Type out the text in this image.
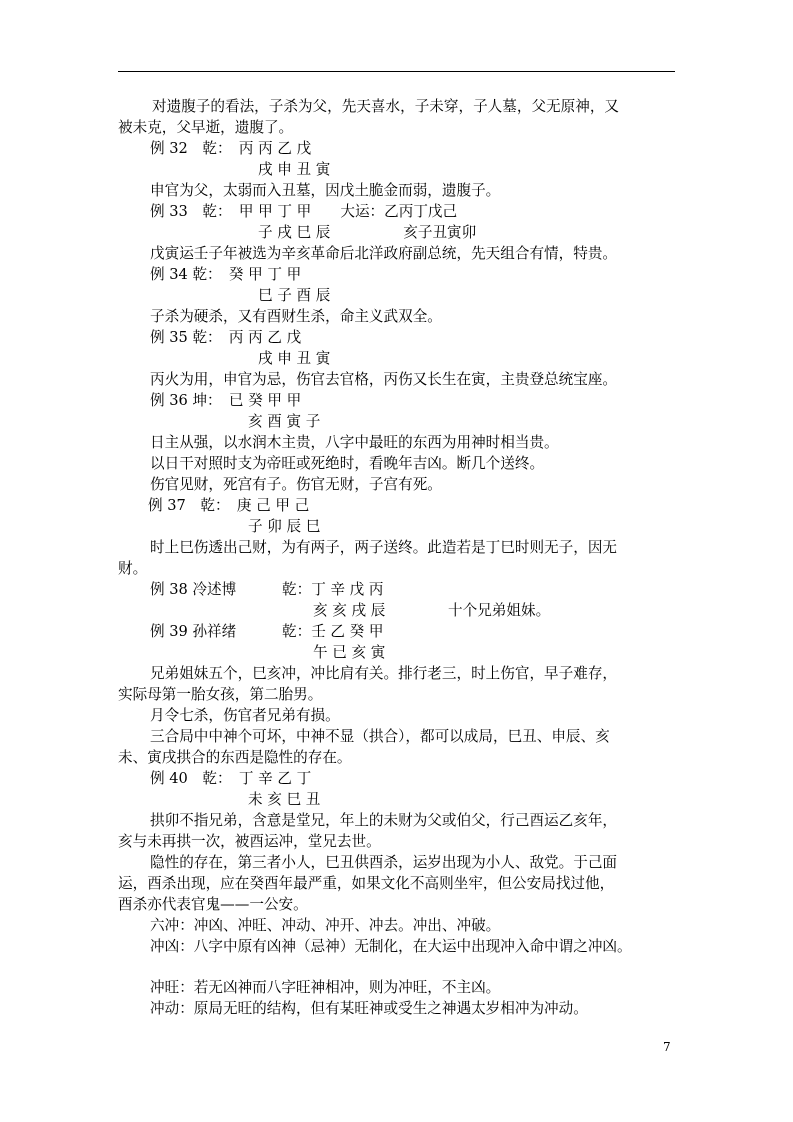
对遗腹子的看法，子杀为父，先天喜水，子未穿，子人墓，父无原神，又
被未克，父早逝，遗腹了。
例 32　乾：　丙 丙 乙 戊
戌 申 丑 寅
申官为父，太弱而入丑墓，因戊土脆金而弱，遗腹子。
例 33　乾：　甲 甲 丁 甲　　大运：乙丙丁戊己
子 戌 巳 辰　　　　　亥子丑寅卯
戊寅运壬子年被选为辛亥革命后北洋政府副总统，先天组合有情，特贵。
例 34 乾：　癸 甲 丁 甲
巳 子 酉 辰
子杀为硬杀，又有酉财生杀，命主义武双全。
例 35 乾：　丙 丙 乙 戊
戌 申 丑 寅
丙火为用，申官为忌，伤官去官格，丙伤又长生在寅，主贵登总统宝座。
例 36 坤：　已 癸 甲 甲
亥 酉 寅 子
日主从强，以水润木主贵，八字中最旺的东西为用神时相当贵。
以日干对照时支为帝旺或死绝时，看晚年吉凶。断几个送终。
伤官见财，死宫有子。伤官无财，子宫有死。
例 37　乾：　庚 己 甲 己
子 卯 辰 巳
时上巳伤透出己财，为有两子，两子送终。此造若是丁巳时则无子，因无
财。
例 38 冷述博	乾：丁 辛 戊 丙
亥 亥 戌 辰	十个兄弟姐妹。
例 39 孙祥绪	乾：壬 乙 癸 甲
午 已 亥 寅
兄弟姐妹五个，巳亥冲，冲比肩有关。排行老三，时上伤官，早子难存，
实际母第一胎女孩，第二胎男。
月令七杀，伤官者兄弟有损。
三合局中中神个可坏，中神不显（拱合），都可以成局，巳丑、申辰、亥
未、寅戌拱合的东西是隐性的存在。
例 40　乾：　丁 辛 乙 丁
未 亥 巳 丑
拱卯不指兄弟，含意是堂兄，年上的未财为父或伯父，行己酉运乙亥年，
亥与未再拱一次，被酉运冲，堂兄去世。
隐性的存在，第三者小人，巳丑供酉杀，运岁出现为小人、敌党。于己面
运，酉杀出现，应在癸酉年最严重，如果文化不高则坐牢，但公安局找过他，
酉杀亦代表官鬼——一公安。
六冲：冲凶、冲旺、冲动、冲开、冲去。冲出、冲破。
冲凶：八字中原有凶神（忌神）无制化，在大运中出现冲入命中谓之冲凶。
冲旺：若无凶神而八字旺神相冲，则为冲旺，不主凶。
冲动：原局无旺的结构，但有某旺神或受生之神遇太岁相冲为冲动。
7
